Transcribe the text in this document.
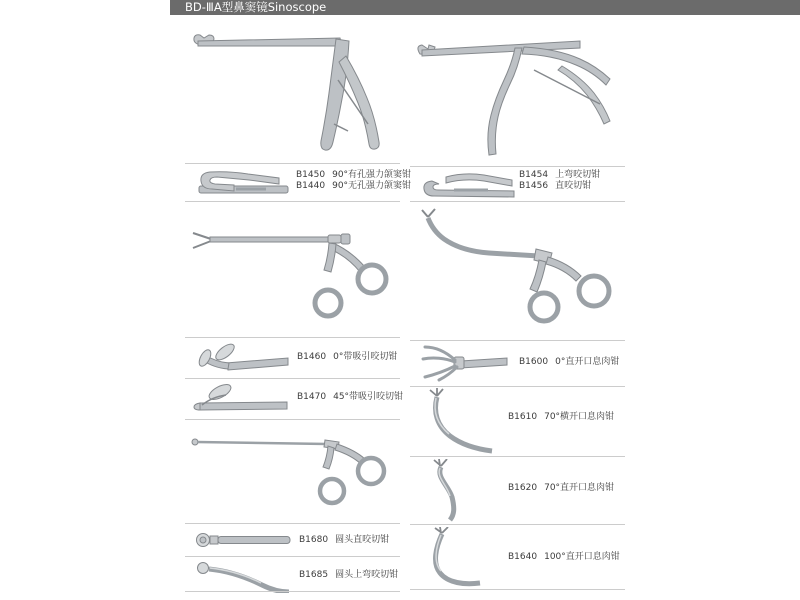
BD-ⅢA型鼻窦镜Sinoscope
B1450 90°有孔强力颌窦钳
B1440 90°无孔强力颌窦钳
B1460 0°带吸引咬切钳
B1470 45°带吸引咬切钳
B1680 圆头直咬切钳
B1685 圆头上弯咬切钳
B1454 上弯咬切钳
B1456 直咬切钳
B1600 0°直开口息肉钳
B1610 70°横开口息肉钳
B1620 70°直开口息肉钳
B1640 100°直开口息肉钳
